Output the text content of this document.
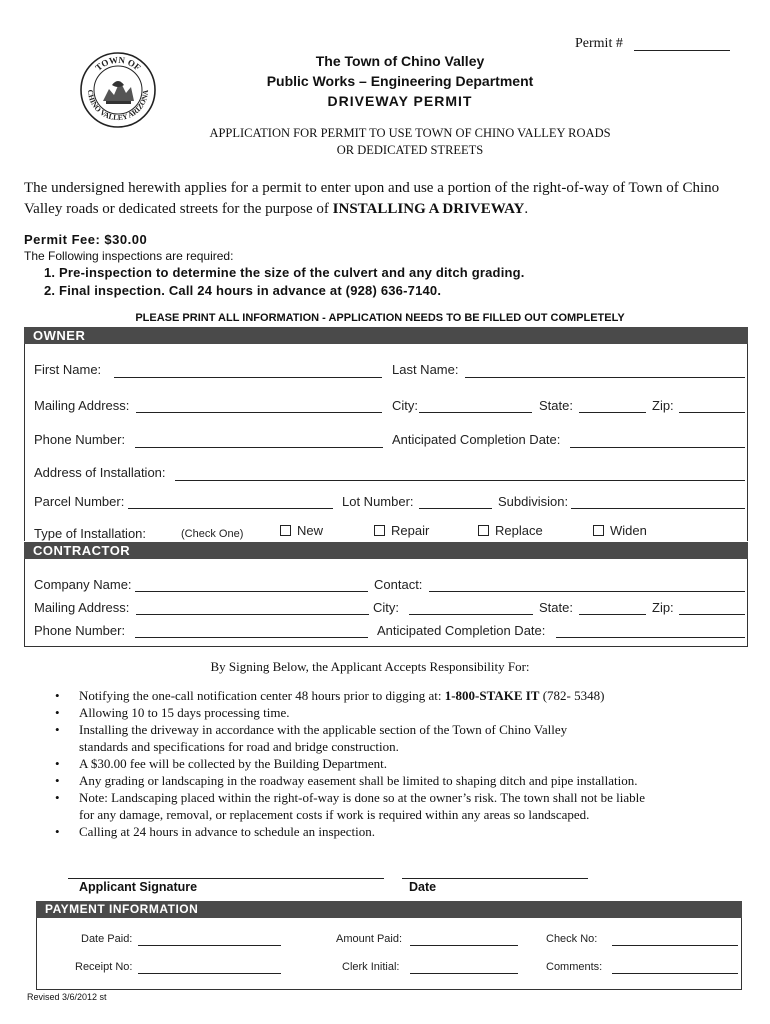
Permit #
TOWN OF
CHINO VALLEY ARIZONA
The Town of Chino Valley
Public Works – Engineering Department
DRIVEWAY PERMIT
APPLICATION FOR PERMIT TO USE TOWN OF CHINO VALLEY ROADS
OR DEDICATED STREETS
The undersigned herewith applies for a permit to enter upon and use a portion of the right-of-way of Town of Chino Valley roads or dedicated streets for the purpose of INSTALLING A DRIVEWAY.
Permit Fee: $30.00
The Following inspections are required:
1. Pre-inspection to determine the size of the culvert and any ditch grading.
2. Final inspection. Call 24 hours in advance at (928) 636-7140.
PLEASE PRINT ALL INFORMATION - APPLICATION NEEDS TO BE FILLED OUT COMPLETELY
OWNER
First Name:	Last Name:
Mailing Address:	City:	State:	Zip:
Phone Number:	Anticipated Completion Date:
Address of Installation:
Parcel Number:	Lot Number:	Subdivision:
Type of Installation:	(Check One)	New	Repair	Replace	Widen
CONTRACTOR
Company Name:	Contact:
Mailing Address:	City:	State:	Zip:
Phone Number:	Anticipated Completion Date:
By Signing Below, the Applicant Accepts Responsibility For:
• Notifying the one-call notification center 48 hours prior to digging at: 1-800-STAKE IT (782- 5348)
• Allowing 10 to 15 days processing time.
• Installing the driveway in accordance with the applicable section of the Town of Chino Valley
standards and specifications for road and bridge construction.
• A $30.00 fee will be collected by the Building Department.
• Any grading or landscaping in the roadway easement shall be limited to shaping ditch and pipe installation.
• Note: Landscaping placed within the right-of-way is done so at the owner’s risk. The town shall not be liable
for any damage, removal, or replacement costs if work is required within any areas so landscaped.
• Calling at 24 hours in advance to schedule an inspection.
Applicant Signature	Date
PAYMENT INFORMATION
Date Paid:	Amount Paid:	Check No:
Receipt No:	Clerk Initial:	Comments:
Revised 3/6/2012 st
